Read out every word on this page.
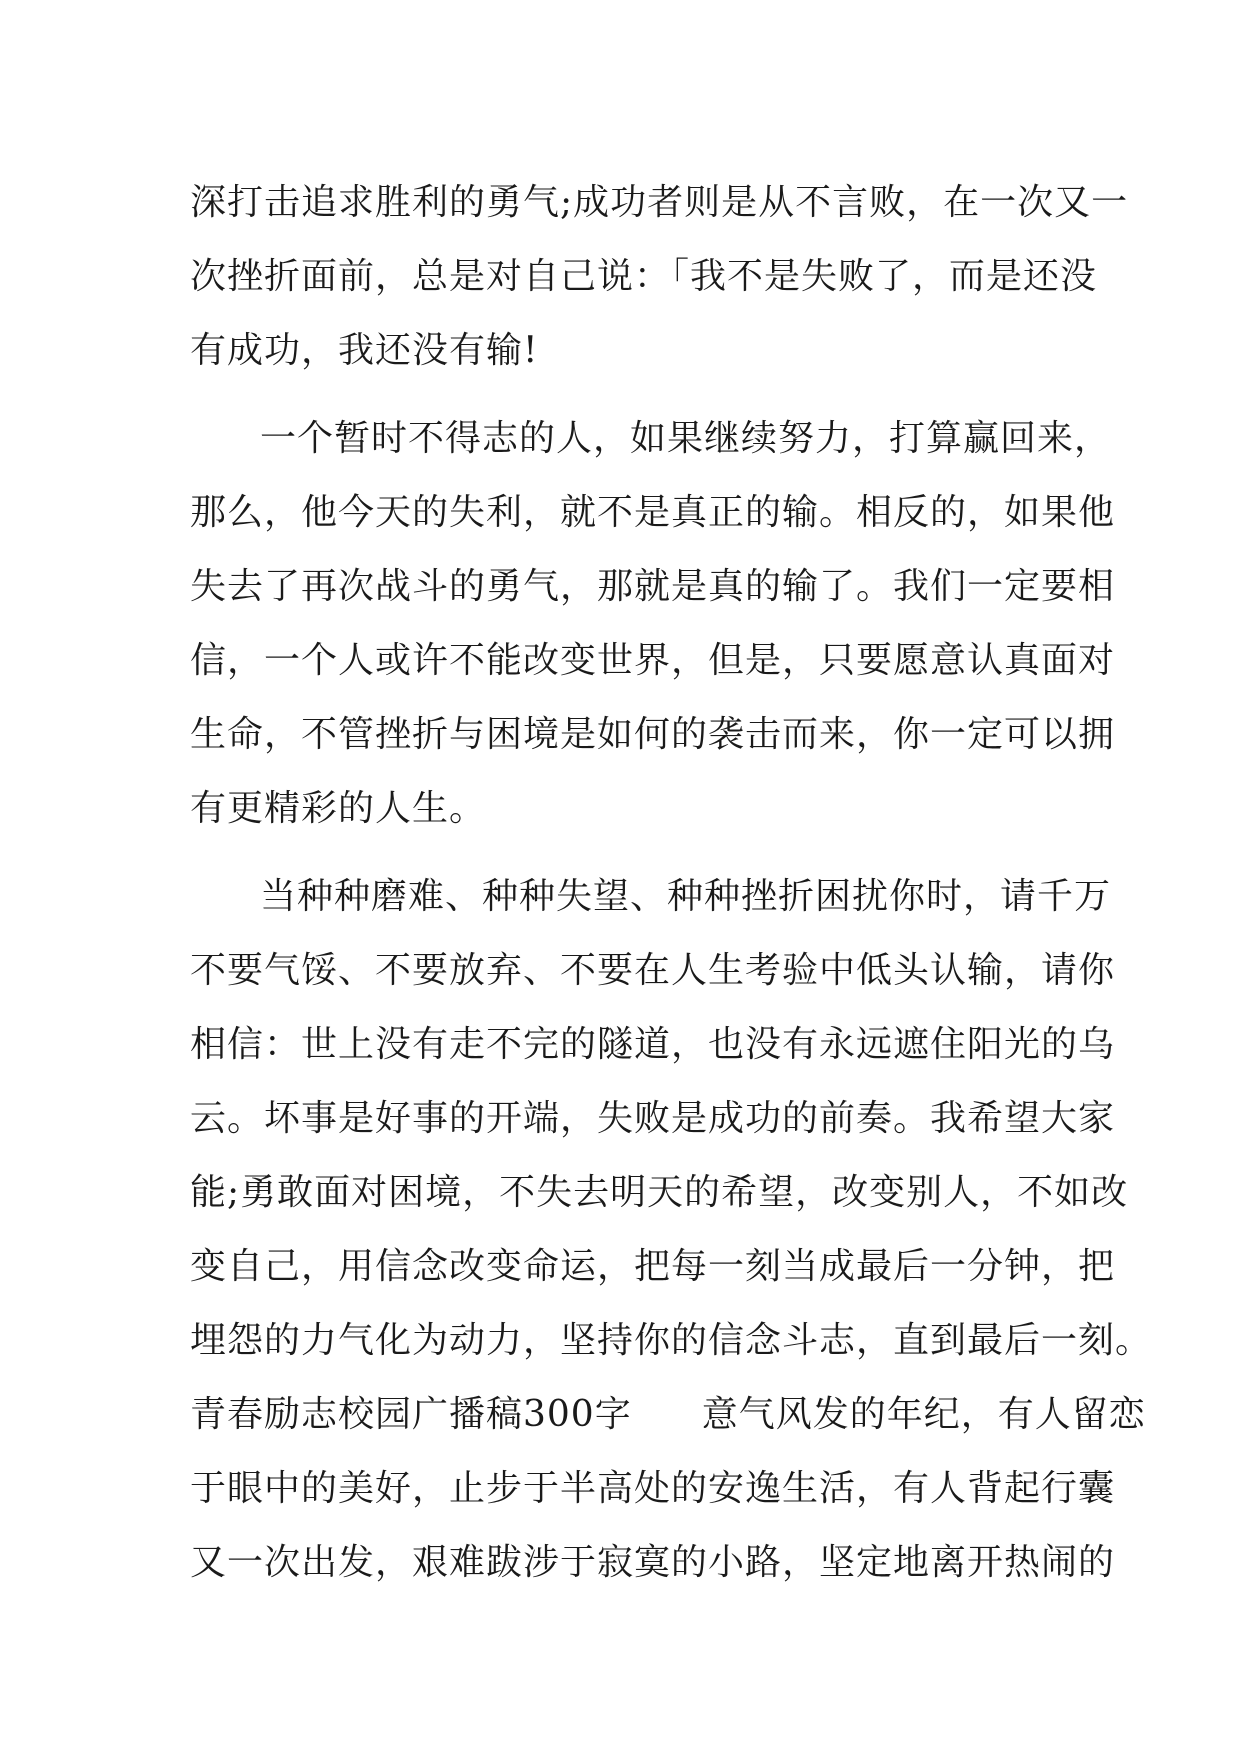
深打击追求胜利的勇气;成功者则是从不言败，在一次又一
次挫折面前，总是对自己说：「我不是失败了，而是还没
有成功，我还没有输!
一个暂时不得志的人，如果继续努力，打算赢回来，
那么，他今天的失利，就不是真正的输。相反的，如果他
失去了再次战斗的勇气，那就是真的输了。我们一定要相
信，一个人或许不能改变世界，但是，只要愿意认真面对
生命，不管挫折与困境是如何的袭击而来，你一定可以拥
有更精彩的人生。
当种种磨难、种种失望、种种挫折困扰你时，请千万
不要气馁、不要放弃、不要在人生考验中低头认输，请你
相信：世上没有走不完的隧道，也没有永远遮住阳光的乌
云。坏事是好事的开端，失败是成功的前奏。我希望大家
能;勇敢面对困境，不失去明天的希望，改变别人，不如改
变自己，用信念改变命运，把每一刻当成最后一分钟，把
埋怨的力气化为动力，坚持你的信念斗志，直到最后一刻。
青春励志校园广播稿300字 意气风发的年纪，有人留恋
于眼中的美好，止步于半高处的安逸生活，有人背起行囊
又一次出发，艰难跋涉于寂寞的小路，坚定地离开热闹的
